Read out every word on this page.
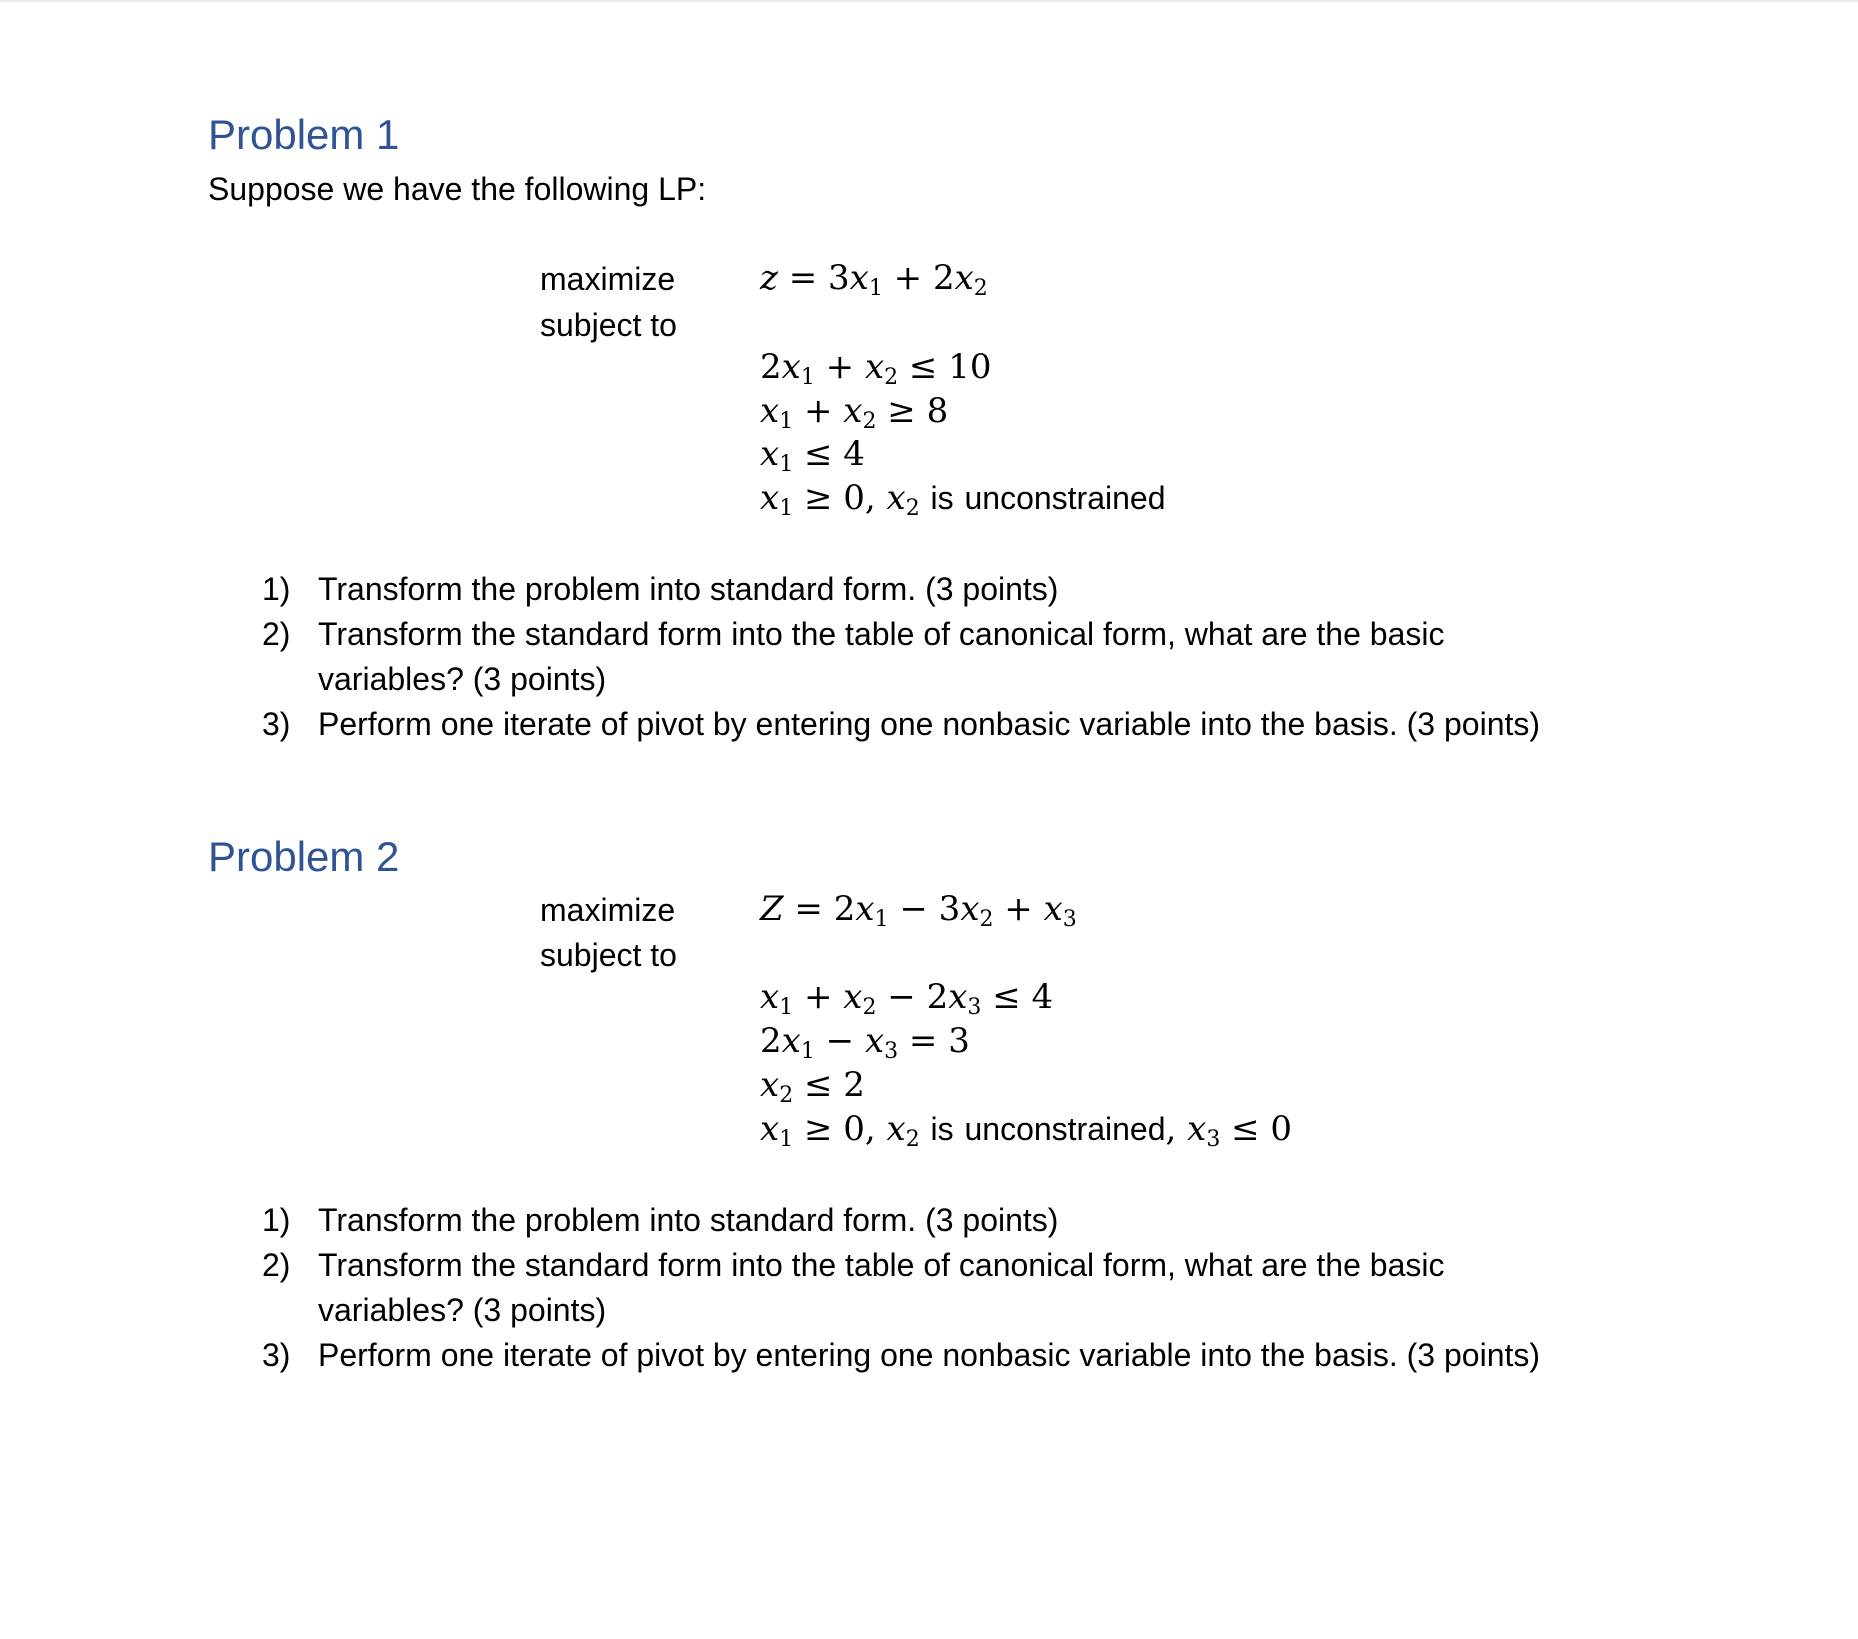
Problem 1
Suppose we have the following LP:
maximize
subject to
$z = 3x_1 + 2x_2$
$2x_1 + x_2 \le 10$
$x_1 + x_2 \ge 8$
$x_1 \le 4$
$x_1 \ge 0$, $x_2$ is unconstrained
1) Transform the problem into standard form. (3 points)
2) Transform the standard form into the table of canonical form, what are the basic variables? (3 points)
3) Perform one iterate of pivot by entering one nonbasic variable into the basis. (3 points)
Problem 2
maximize
subject to
$Z = 2x_1 - 3x_2 + x_3$
$x_1 + x_2 - 2x_3 \le 4$
$2x_1 - x_3 = 3$
$x_2 \le 2$
$x_1 \ge 0$, $x_2$ is unconstrained, $x_3 \le 0$
1) Transform the problem into standard form. (3 points)
2) Transform the standard form into the table of canonical form, what are the basic variables? (3 points)
3) Perform one iterate of pivot by entering one nonbasic variable into the basis. (3 points)
